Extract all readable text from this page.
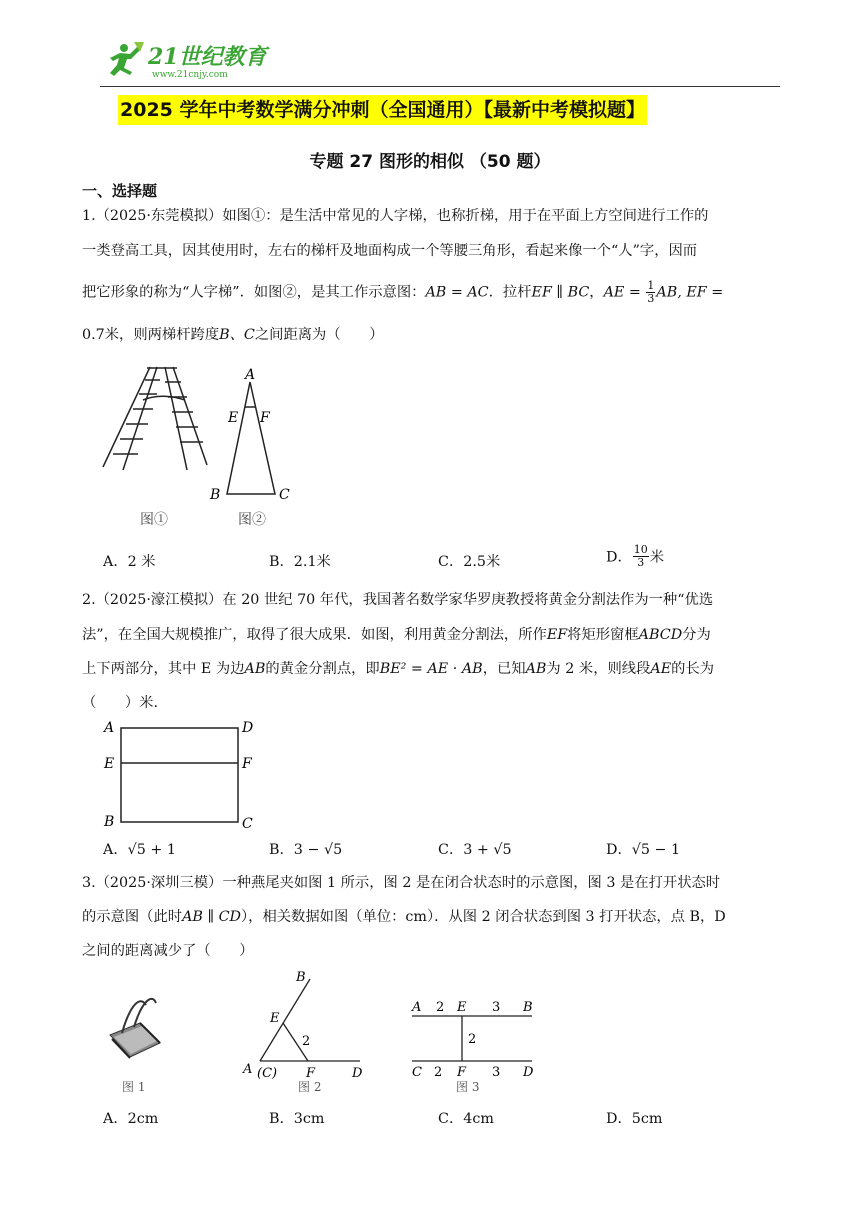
21世纪教育
www.21cnjy.com
2025 学年中考数学满分冲刺（全国通用）【最新中考模拟题】
专题 27 图形的相似 （50 题）
一、选择题
1.（2025·东莞模拟）如图①：是生活中常见的人字梯，也称折梯，用于在平面上方空间进行工作的
一类登高工具，因其使用时，左右的梯杆及地面构成一个等腰三角形，看起来像一个“人”字，因而
把它形象的称为“人字梯”．如图②，是其工作示意图：AB = AC．拉杆EF ∥ BC，AE = $\frac{1}{3}$ AB, EF =
0.7米，则两梯杆跨度B、C之间距离为（　　）
A
E F
B	C
图①	图②
A．2 米	B．2.1米	C．2.5米	D． $\frac{10}{3}$ 米
2.（2025·濠江模拟）在 20 世纪 70 年代，我国著名数学家华罗庚教授将黄金分割法作为一种“优选
法”，在全国大规模推广，取得了很大成果．如图，利用黄金分割法，所作EF将矩形窗框ABCD分为
上下两部分，其中 E 为边AB的黄金分割点，即BE² = AE · AB，已知AB为 2 米，则线段AE的长为
（　　）米．
A	D
E	F
B	C
A．√5 + 1	B．3 − √5	C．3 + √5	D．√5 − 1
3.（2025·深圳三模）一种燕尾夹如图 1 所示，图 2 是在闭合状态时的示意图，图 3 是在打开状态时
的示意图（此时AB ∥ CD），相关数据如图（单位：cm）．从图 2 闭合状态到图 3 打开状态，点 B，D
之间的距离减少了（　　）
图 1
B
E
2
A (C) F	D
图 2
A 2 E 3 B
2
C 2 F 3 D
图 3
A．2cm	B．3cm	C．4cm	D．5cm
